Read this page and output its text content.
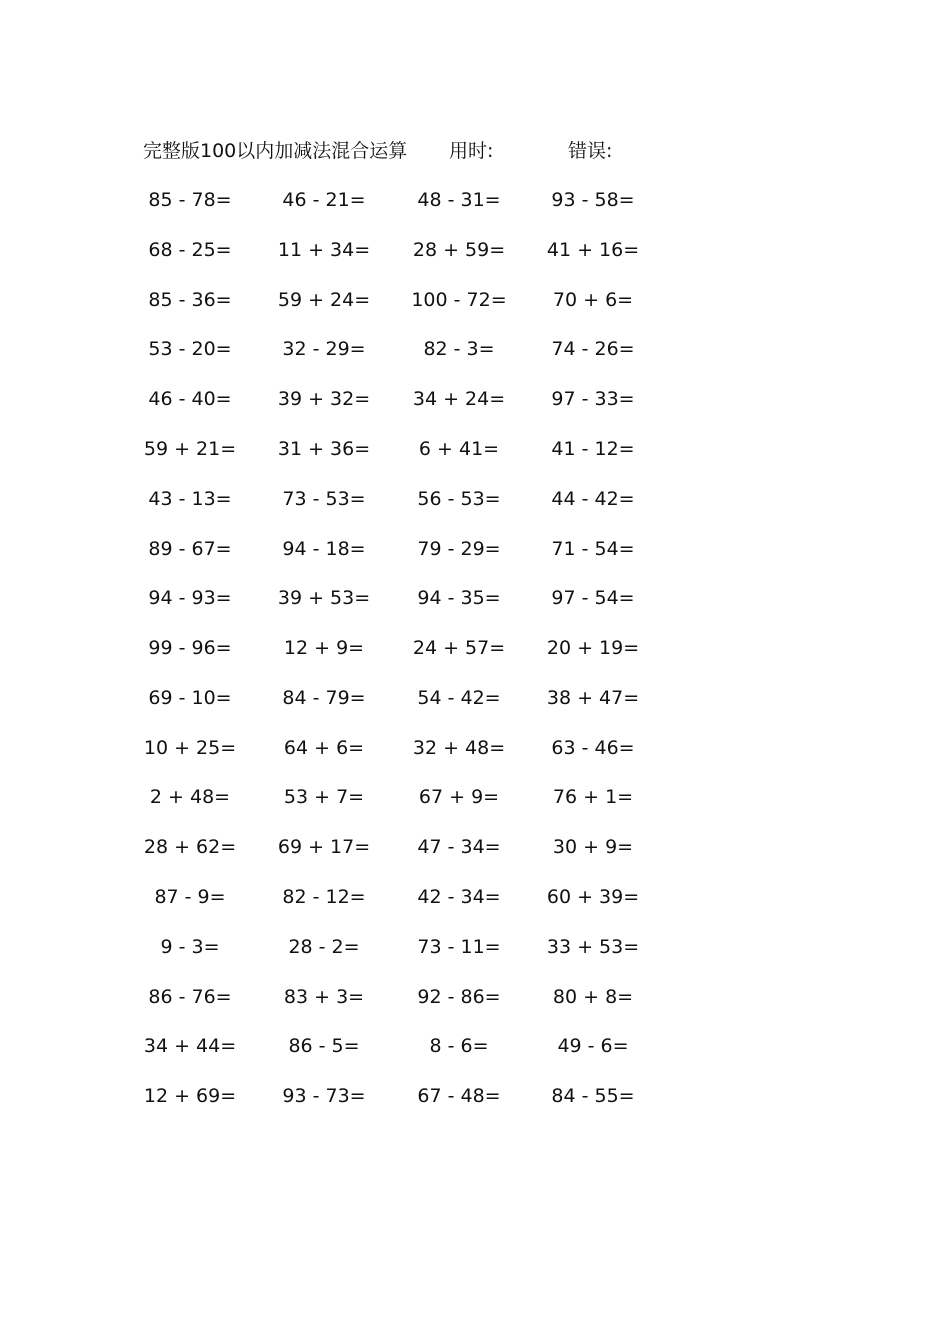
完整版100以内加减法混合运算 用时:	错误:
85 - 78=	46 - 21=	48 - 31=	93 - 58=
68 - 25=	11 + 34=	28 + 59=	41 + 16=
85 - 36=	59 + 24=	100 - 72=	70 + 6=
53 - 20=	32 - 29=	82 - 3=	74 - 26=
46 - 40=	39 + 32=	34 + 24=	97 - 33=
59 + 21=	31 + 36=	6 + 41=	41 - 12=
43 - 13=	73 - 53=	56 - 53=	44 - 42=
89 - 67=	94 - 18=	79 - 29=	71 - 54=
94 - 93=	39 + 53=	94 - 35=	97 - 54=
99 - 96=	12 + 9=	24 + 57=	20 + 19=
69 - 10=	84 - 79=	54 - 42=	38 + 47=
10 + 25=	64 + 6=	32 + 48=	63 - 46=
2 + 48=	53 + 7=	67 + 9=	76 + 1=
28 + 62=	69 + 17=	47 - 34=	30 + 9=
87 - 9=	82 - 12=	42 - 34=	60 + 39=
9 - 3=	28 - 2=	73 - 11=	33 + 53=
86 - 76=	83 + 3=	92 - 86=	80 + 8=
34 + 44=	86 - 5=	8 - 6=	49 - 6=
12 + 69=	93 - 73=	67 - 48=	84 - 55=
